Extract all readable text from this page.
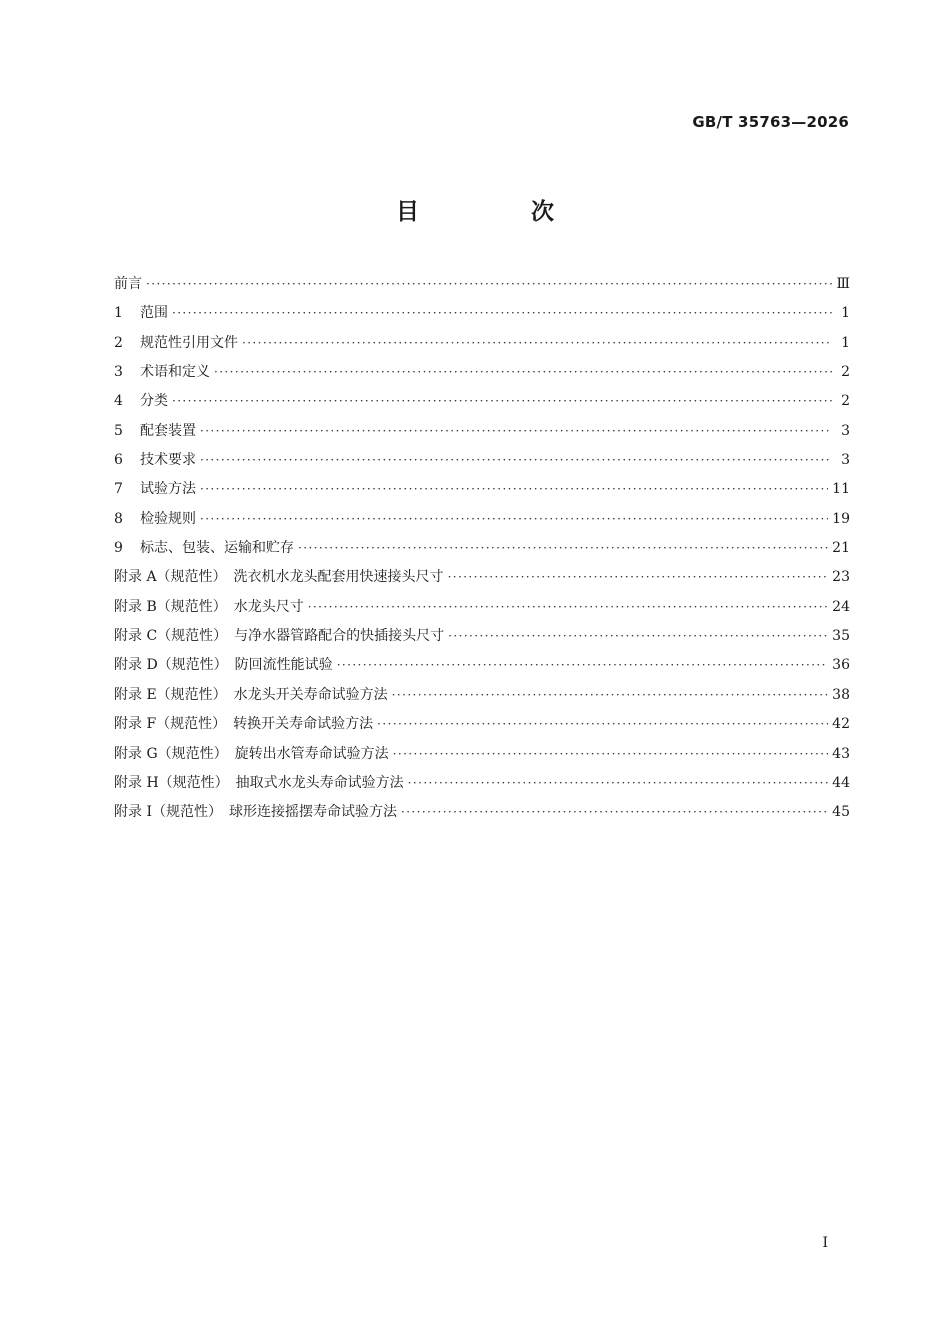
GB/T 35763—2026
目 次
前言 ·····	Ⅲ
1	范围 ·····	1
2	规范性引用文件 ·····	1
3	术语和定义 ·····	2
4	分类 ·····	2
5	配套装置 ·····	3
6	技术要求 ·····	3
7	试验方法 ·····	11
8	检验规则 ·····	19
9	标志、包装、运输和贮存 ·····	21
附录 A（规范性）　洗衣机水龙头配套用快速接头尺寸 ·····	23
附录 B（规范性）　水龙头尺寸 ·····	24
附录 C（规范性）　与净水器管路配合的快插接头尺寸 ·····	35
附录 D（规范性）　防回流性能试验 ·····	36
附录 E（规范性）　水龙头开关寿命试验方法 ·····	38
附录 F（规范性）　转换开关寿命试验方法 ·····	42
附录 G（规范性）　旋转出水管寿命试验方法 ·····	43
附录 H（规范性）　抽取式水龙头寿命试验方法 ·····	44
附录 I（规范性）　球形连接摇摆寿命试验方法 ·····	45
I
